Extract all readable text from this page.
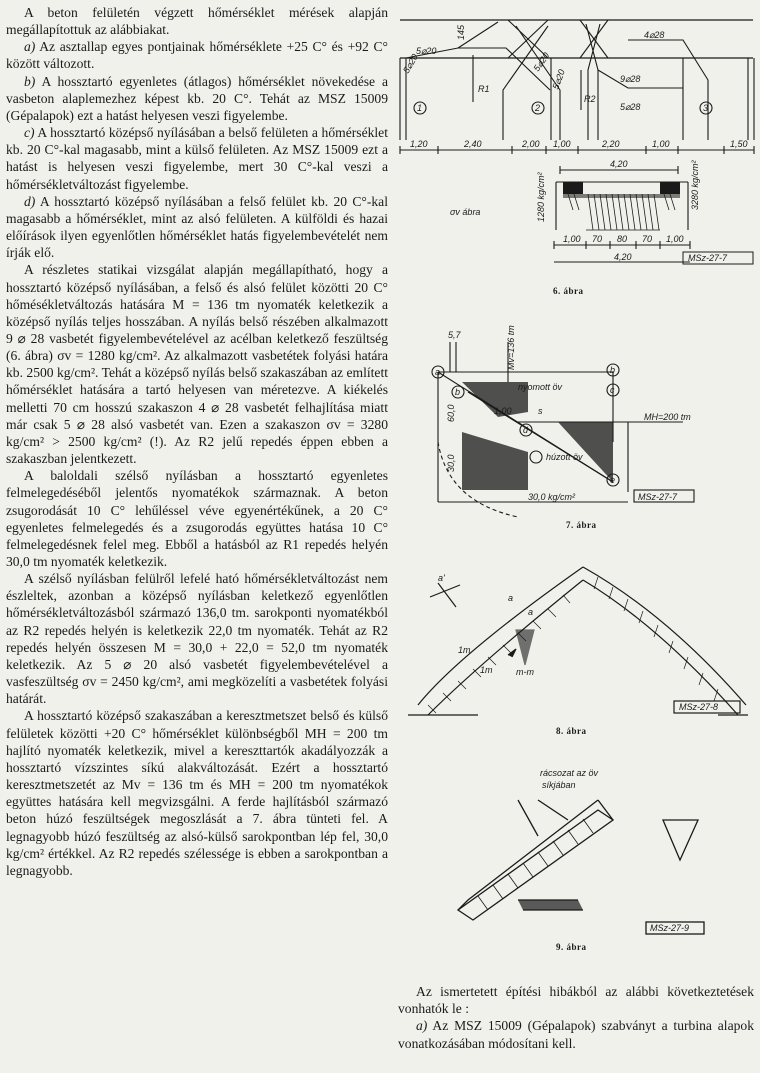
A beton felületén végzett hőmérséklet mérések alapján megállapítottuk az alábbiakat.

a) Az asztallap egyes pontjainak hőmérséklete +25 C° és +92 C° között változott.

b) A hossztartó egyenletes (átlagos) hőmérséklet növekedése a vasbeton alaplemezhez képest kb. 20 C°. Tehát az MSZ 15009 (Gépalapok) ezt a hatást helyesen veszi figyelembe.

c) A hossztartó középső nyílásában a belső felületen a hőmérséklet kb. 20 C°-kal magasabb, mint a külső felületen. Az MSZ 15009 ezt a hatást is helyesen veszi figyelembe, mert 30 C°-kal veszi a hőmérsékletváltozást figyelembe.

d) A hossztartó középső nyílásában a felső felület kb. 20 C°-kal magasabb a hőmérséklet, mint az alsó felületen. A külföldi és hazai előírások ilyen egyenlőtlen hőmérséklet hatás figyelembevételét nem írják elő.

A részletes statikai vizsgálat alapján megállapítható, hogy a hossztartó középső nyílásában, a felső és alsó felület közötti 20 C° hőmésékletváltozás hatására M = 136 tm nyomaték keletkezik a középső nyílás teljes hosszában. A nyílás belső részében alkalmazott 9 ⌀ 28 vasbetét figyelembevételével az acélban keletkező feszültség (6. ábra) σv = 1280 kg/cm². Az alkalmazott vasbetétek folyási határa kb. 2500 kg/cm². Tehát a középső nyílás belső szakaszában az említett hőmérséklet hatására a tartó helyesen van méretezve. A kiékelés melletti 70 cm hosszú szakaszon 4 ⌀ 28 vasbetét felhajlítása miatt már csak 5 ⌀ 28 alsó vasbetét van. Ezen a szakaszon σv = 3280 kg/cm² > 2500 kg/cm² (!). Az R2 jelű repedés éppen ebben a szakaszban jelentkezett.

A baloldali szélső nyílásban a hossztartó egyenletes felmelegedéséből jelentős nyomatékok származnak. A beton zsugorodását 10 C° lehűléssel véve egyenértékűnek, a 20 C° egyenletes felmelegedés és a zsugorodás együttes hatása 10 C° felmelegedésnek felel meg. Ebből a hatásból az R1 repedés helyén 30,0 tm nyomaték keletkezik.

A szélső nyílásban felülről lefelé ható hőmérsékletváltozást nem észleltek, azonban a középső nyílásban keletkező egyenlőtlen hőmérsékletváltozásból származó 136,0 tm. sarokponti nyomatékból az R2 repedés helyén is keletkezik 22,0 tm nyomaték. Tehát az R2 repedés helyén összesen M = 30,0 + 22,0 = 52,0 tm nyomaték keletkezik. Az 5 ⌀ 20 alsó vasbetét figyelembevételével a vasfeszültség σv = 2450 kg/cm², ami megközelíti a vasbetétek folyási határát.

A hossztartó középső szakaszában a keresztmetszet belső és külső felületek közötti +20 C° hőmérséklet különbségből MH = 200 tm hajlító nyomaték keletkezik, mivel a kereszttartók akadályozzák a hossztartó vízszintes síkú alakváltozását. Ezért a hossztartó keresztmetszetét az Mv = 136 tm és MH = 200 tm nyomatékok együttes hatására kell megvizsgálni. A ferde hajlításból származó beton húzó feszültségek megoszlását a 7. ábra tünteti fel. A legnagyobb húzó feszültség az alsó-külső sarokpontban lép fel, 30,0 kg/cm² értékkel. Az R2 repedés szélessége is ebben a sarokpontban a legnagyobb.

5⌀20
5⌀20	5⌀20
5⌀20
4⌀28
9⌀28
5⌀28
R1
R2
1	2	3
145
1,20	2,40	2,00 1,00	2,20	1,00	1,50
4,20
1280 kg/cm²	3280 kg/cm²
σv ábra
1,00 70 80 70 1,00
4,20	MSz-27-7
6. ábra
5,7	Mv=136 tm
a
b
b
c
d
e
nyomott öv
húzott öv
1,00
60,0
30,0
s
MH=200 tm
30,0 kg/cm²	MSz-27-7
7. ábra
a
a
a'
1m
1m	m-m
MSz-27-8
8. ábra
rácsozat az öv
síkjában
MSz-27-9
9. ábra

Az ismertetett építési hibákból az alábbi következtetések vonhatók le :

a) Az MSZ 15009 (Gépalapok) szabványt a turbina alapok vonatkozásában módosítani kell.
